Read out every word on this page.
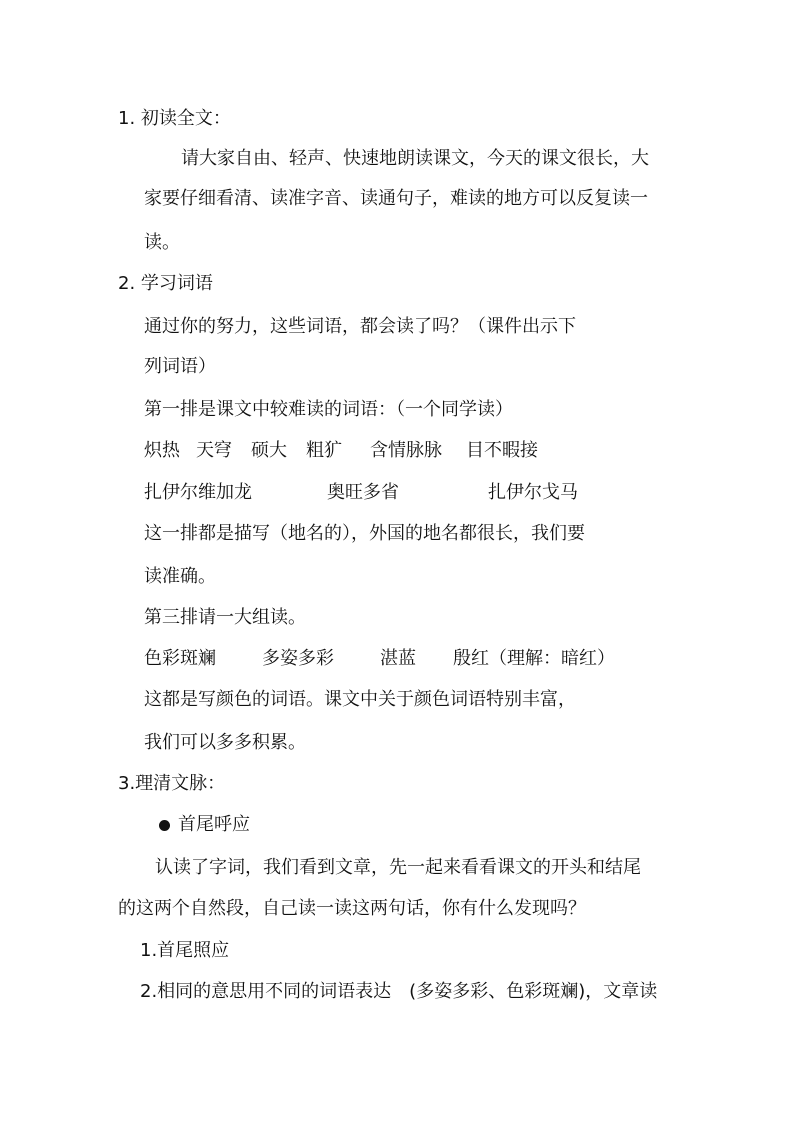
1. 初读全文：
请大家自由、轻声、快速地朗读课文，今天的课文很长，大
家要仔细看清、读准字音、读通句子，难读的地方可以反复读一
读。
2. 学习词语
通过你的努力，这些词语，都会读了吗？（课件出示下
列词语）
第一排是课文中较难读的词语：（一个同学读）
炽热 天穹 硕大 粗犷 含情脉脉 目不暇接
扎伊尔维加龙	奥旺多省	扎伊尔戈马
这一排都是描写（地名的），外国的地名都很长，我们要
读准确。
第三排请一大组读。
色彩斑斓	多姿多彩	湛蓝 殷红（理解：暗红）
这都是写颜色的词语。课文中关于颜色词语特别丰富，
我们可以多多积累。
3.理清文脉：
首尾呼应
认读了字词，我们看到文章，先一起来看看课文的开头和结尾
的这两个自然段，自己读一读这两句话，你有什么发现吗？
1.首尾照应
2.相同的意思用不同的词语表达　(多姿多彩、色彩斑斓)，文章读
